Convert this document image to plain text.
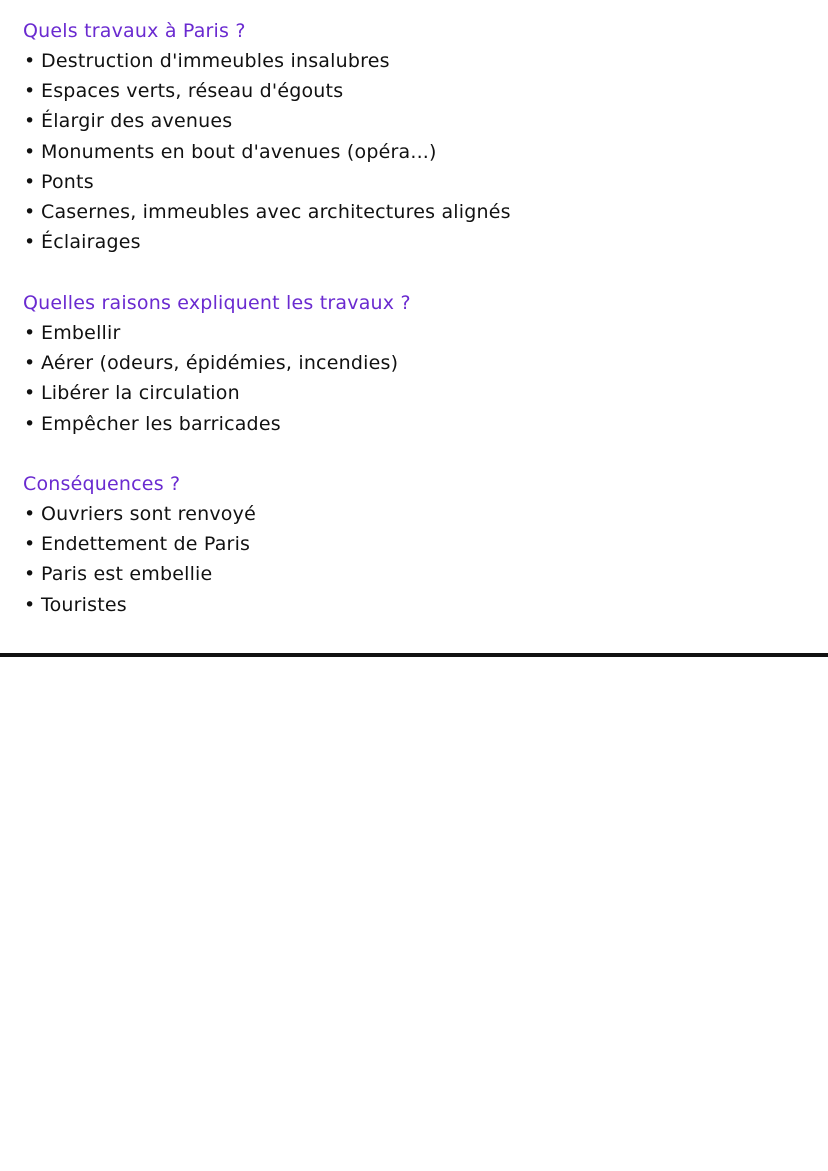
Quels travaux à Paris ?
• Destruction d'immeubles insalubres
• Espaces verts, réseau d'égouts
• Élargir des avenues
• Monuments en bout d'avenues (opéra...)
• Ponts
• Casernes, immeubles avec architectures alignés
• Éclairages
Quelles raisons expliquent les travaux ?
• Embellir
• Aérer (odeurs, épidémies, incendies)
• Libérer la circulation
• Empêcher les barricades
Conséquences ?
• Ouvriers sont renvoyé
• Endettement de Paris
• Paris est embellie
• Touristes
